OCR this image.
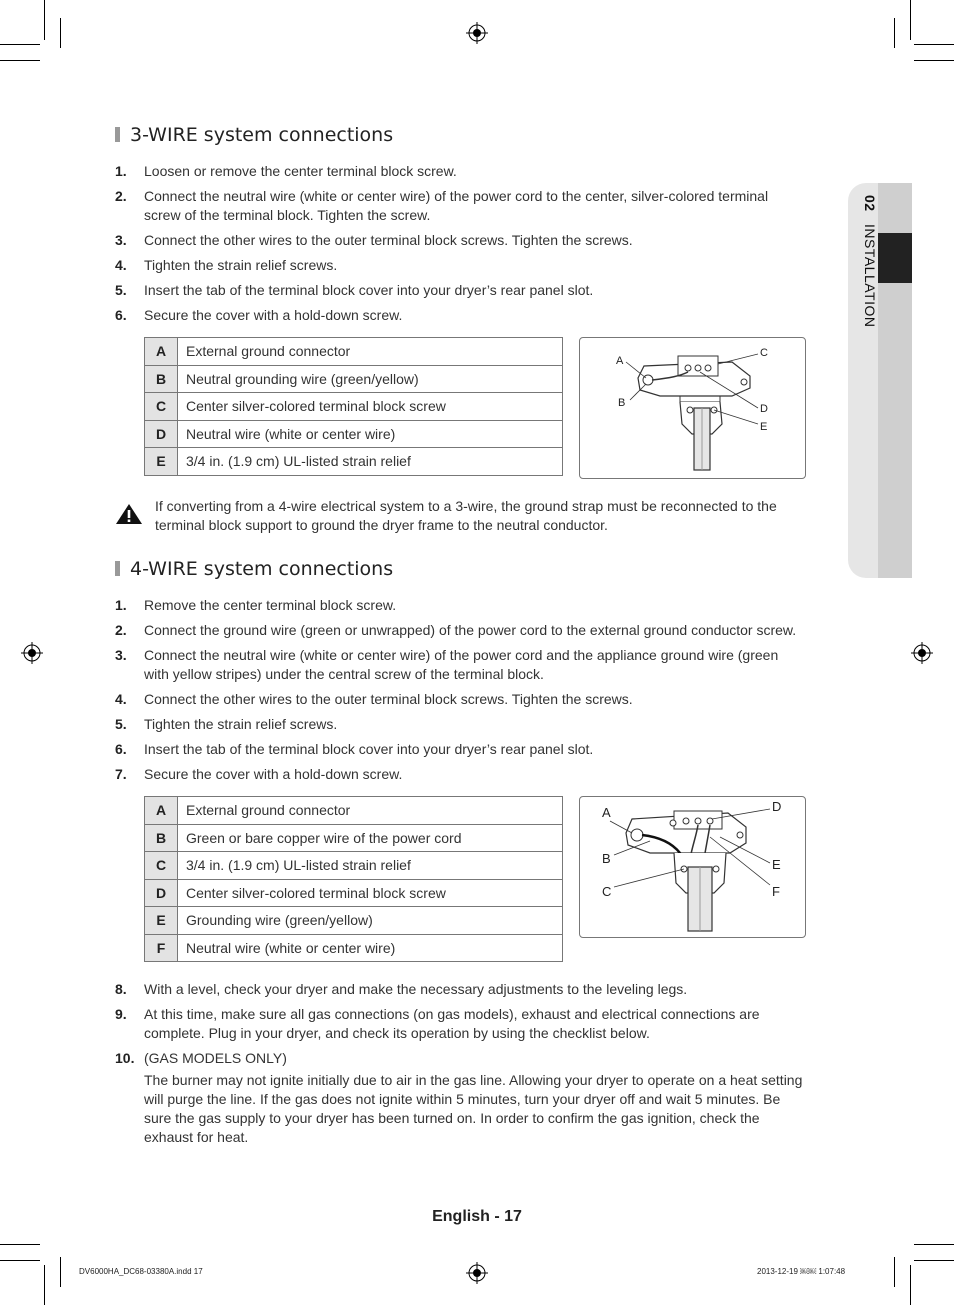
02 INSTALLATION
3-WIRE system connections
1. Loosen or remove the center terminal block screw.
2. Connect the neutral wire (white or center wire) of the power cord to the center, silver-colored terminal screw of the terminal block. Tighten the screw.
3. Connect the other wires to the outer terminal block screws. Tighten the screws.
4. Tighten the strain relief screws.
5. Insert the tab of the terminal block cover into your dryer’s rear panel slot.
6. Secure the cover with a hold-down screw.
A	External ground connector
B	Neutral grounding wire (green/yellow)
C	Center silver-colored terminal block screw
D	Neutral wire (white or center wire)
E	3/4 in. (1.9 cm) UL-listed strain relief
A
B
C
D
E
If converting from a 4-wire electrical system to a 3-wire, the ground strap must be reconnected to the terminal block support to ground the dryer frame to the neutral conductor.
4-WIRE system connections
1. Remove the center terminal block screw.
2. Connect the ground wire (green or unwrapped) of the power cord to the external ground conductor screw.
3. Connect the neutral wire (white or center wire) of the power cord and the appliance ground wire (green with yellow stripes) under the central screw of the terminal block.
4. Connect the other wires to the outer terminal block screws. Tighten the screws.
5. Tighten the strain relief screws.
6. Insert the tab of the terminal block cover into your dryer’s rear panel slot.
7. Secure the cover with a hold-down screw.
A	External ground connector
B	Green or bare copper wire of the power cord
C	3/4 in. (1.9 cm) UL-listed strain relief
D	Center silver-colored terminal block screw
E	Grounding wire (green/yellow)
F	Neutral wire (white or center wire)
A
B
C
D
E
F
8. With a level, check your dryer and make the necessary adjustments to the leveling legs.
9. At this time, make sure all gas connections (on gas models), exhaust and electrical connections are complete. Plug in your dryer, and check its operation by using the checklist below.
10. (GAS MODELS ONLY)
The burner may not ignite initially due to air in the gas line. Allowing your dryer to operate on a heat setting will purge the line. If the gas does not ignite within 5 minutes, turn your dryer off and wait 5 minutes. Be sure the gas supply to your dryer has been turned on. In order to confirm the gas ignition, check the exhaust for heat.
English - 17
DV6000HA_DC68-03380A.indd 17	2013-12-19 ￼￼ 1:07:48
